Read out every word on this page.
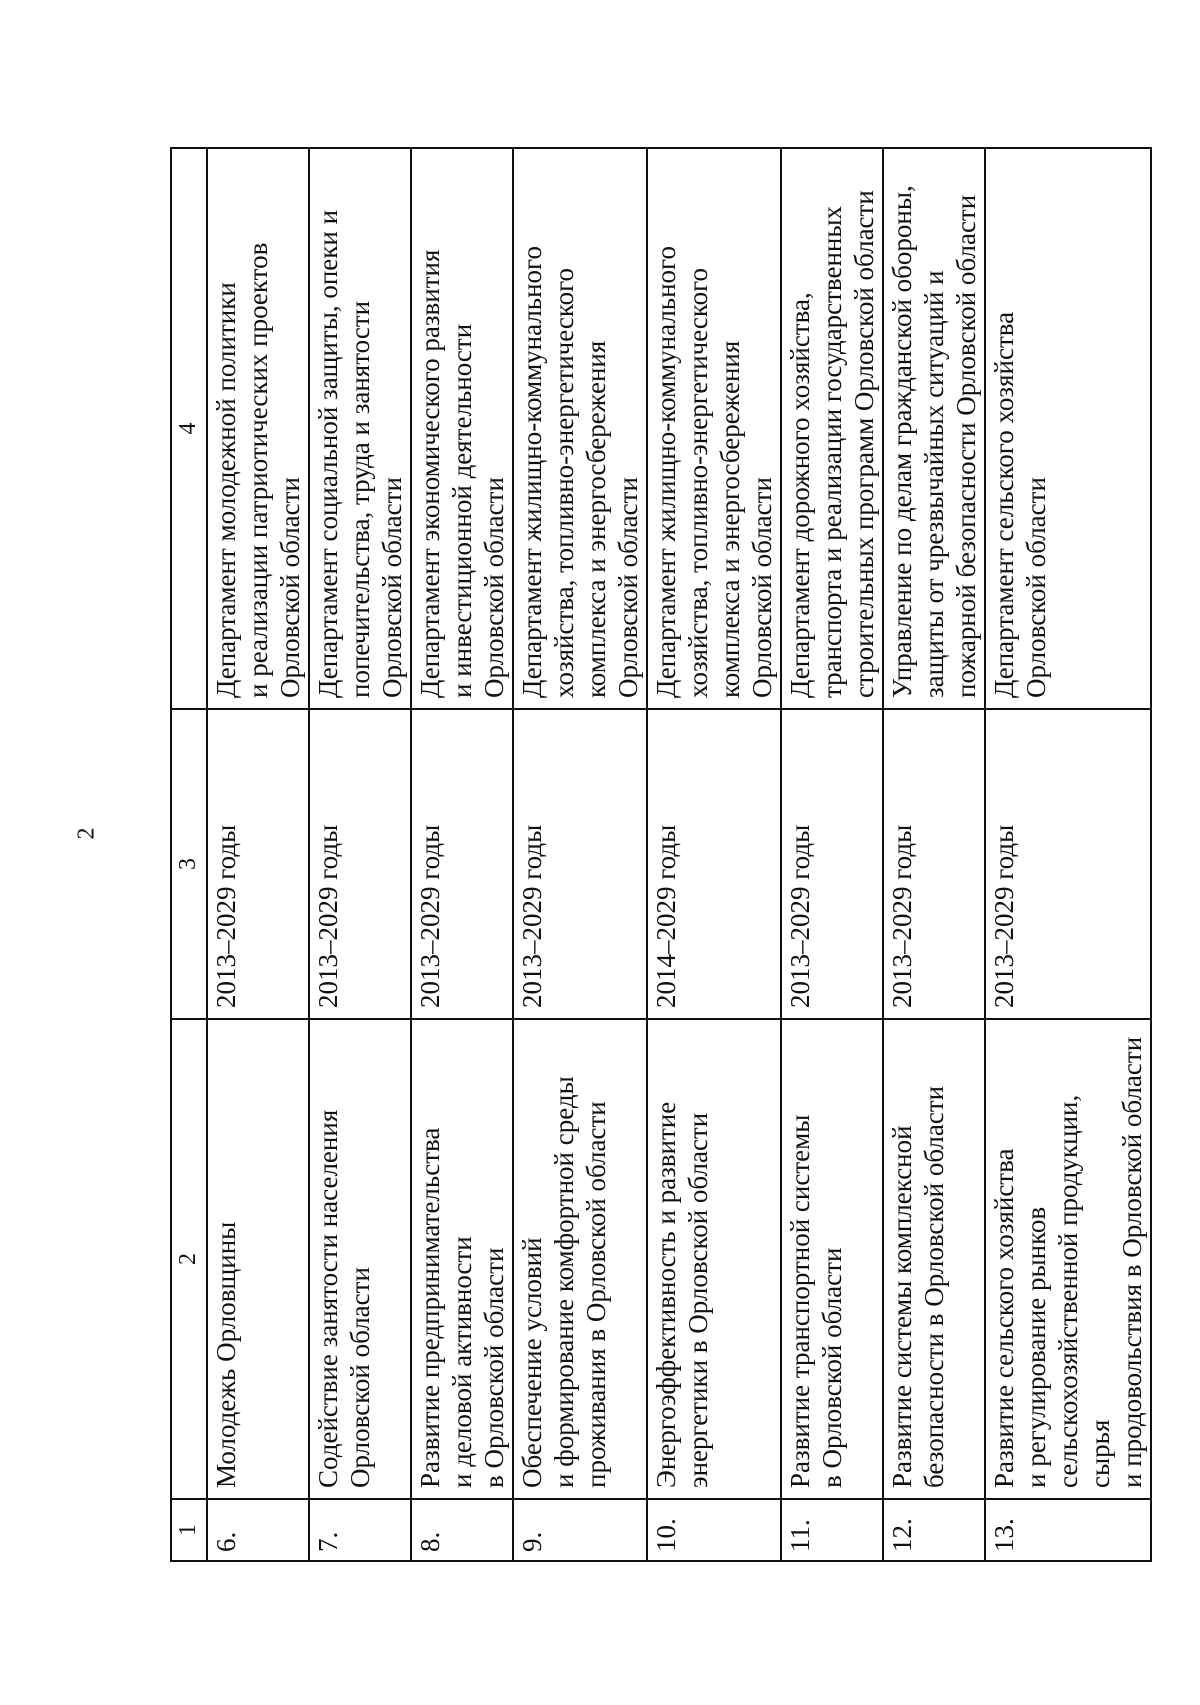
2
1	2	3	4
6.	Молодежь Орловщины	2013–2029 годы	Департамент молодежной политики
и реализации патриотических проектов
Орловской области
7.	Содействие занятости населения
Орловской области	2013–2029 годы	Департамент социальной защиты, опеки и
попечительства, труда и занятости
Орловской области
8.	Развитие предпринимательства
и деловой активности
в Орловской области	2013–2029 годы	Департамент экономического развития
и инвестиционной деятельности
Орловской области
9.	Обеспечение условий
и формирование комфортной среды
проживания в Орловской области	2013–2029 годы	Департамент жилищно-коммунального
хозяйства, топливно-энергетического
комплекса и энергосбережения
Орловской области
10.	Энергоэффективность и развитие
энергетики в Орловской области	2014–2029 годы	Департамент жилищно-коммунального
хозяйства, топливно-энергетического
комплекса и энергосбережения
Орловской области
11.	Развитие транспортной системы
в Орловской области	2013–2029 годы	Департамент дорожного хозяйства,
транспорта и реализации государственных
строительных программ Орловской области
12.	Развитие системы комплексной
безопасности в Орловской области	2013–2029 годы	Управление по делам гражданской обороны,
защиты от чрезвычайных ситуаций и
пожарной безопасности Орловской области
13.	Развитие сельского хозяйства
и регулирование рынков
сельскохозяйственной продукции, сырья
и продовольствия в Орловской области	2013–2029 годы	Департамент сельского хозяйства
Орловской области
